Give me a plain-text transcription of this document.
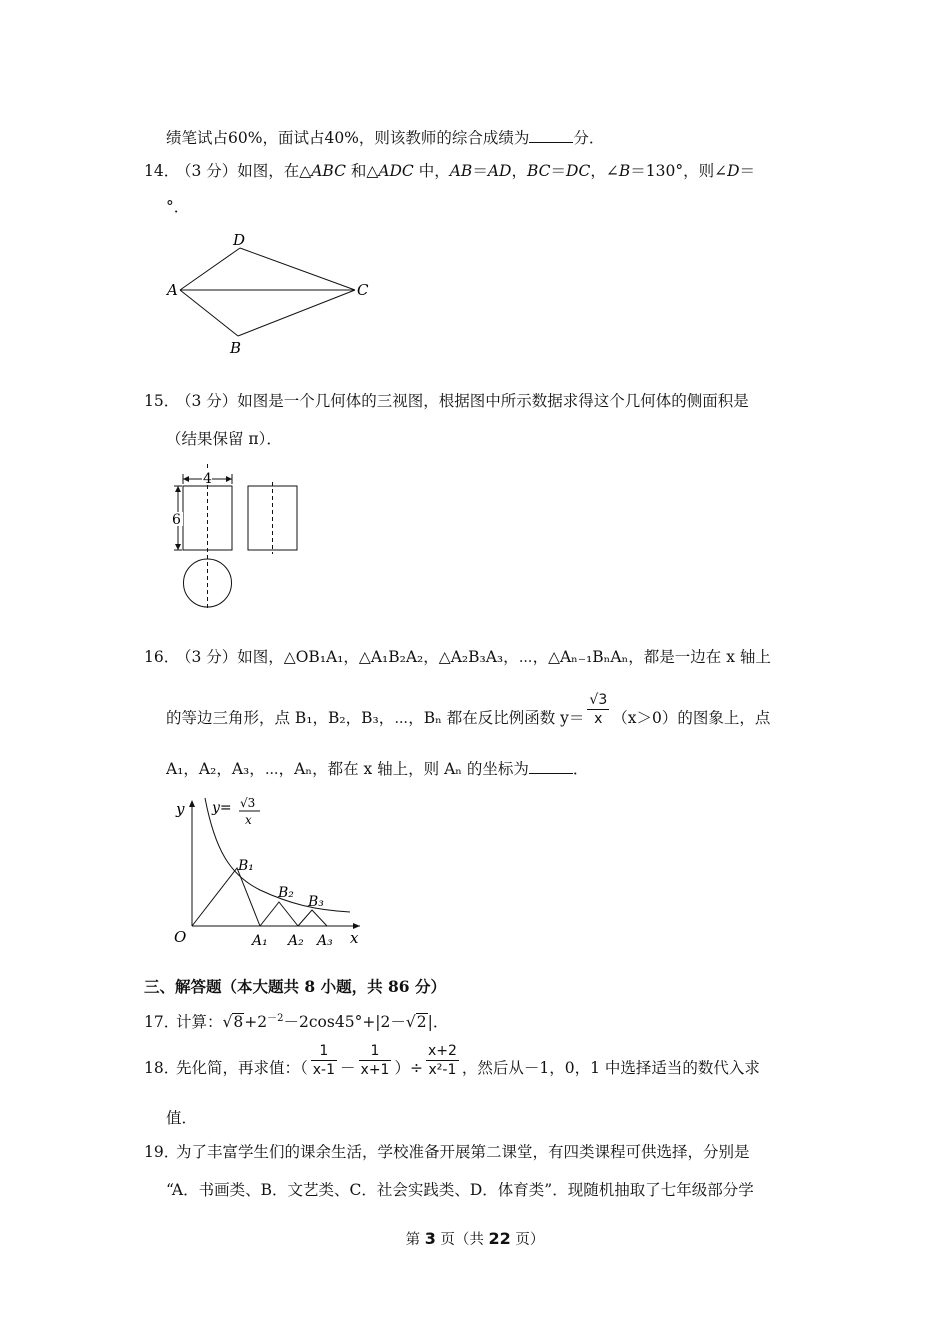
绩笔试占60%，面试占40%，则该教师的综合成绩为	分．
14．（3 分）如图，在△ABC 和△ADC 中，AB＝AD，BC＝DC，∠B＝130°，则∠D＝
°．
D
A	C
B
15．（3 分）如图是一个几何体的三视图，根据图中所示数据求得这个几何体的侧面积是
（结果保留 π）．
4
6
16．（3 分）如图，△OB₁A₁，△A₁B₂A₂，△A₂B₃A₃，⋯，△Aₙ₋₁BₙAₙ，都是一边在 x 轴上
的等边三角形，点 B₁，B₂，B₃，⋯，Bₙ 都在反比例函数 $y= \frac{√3}{x} (x>0)$的图象上，点
A₁，A₂，A₃，⋯，Aₙ，都在 x 轴上，则 Aₙ 的坐标为	．
y y= √3
x
B₁
B₂
B₃
O	A₁ A₂ A₃ x
三、解答题（本大题共 8 小题，共 86 分）
17．计算：$√8+2^{-2}-2\cos 45^\circ+|2-√2|$．
18．先化简，再求值：（ $\frac{1}{x-1} - \frac{1}{x+1}$ ）÷ $\frac{x+2}{\text{x²-1}}$ ，然后从－1，0，1 中选择适当的数代入求
值．
19．为了丰富学生们的课余生活，学校准备开展第二课堂，有四类课程可供选择，分别是
“A．书画类、B．文艺类、C．社会实践类、D．体育类”．现随机抽取了七年级部分学
第 3 页（共 22 页）
